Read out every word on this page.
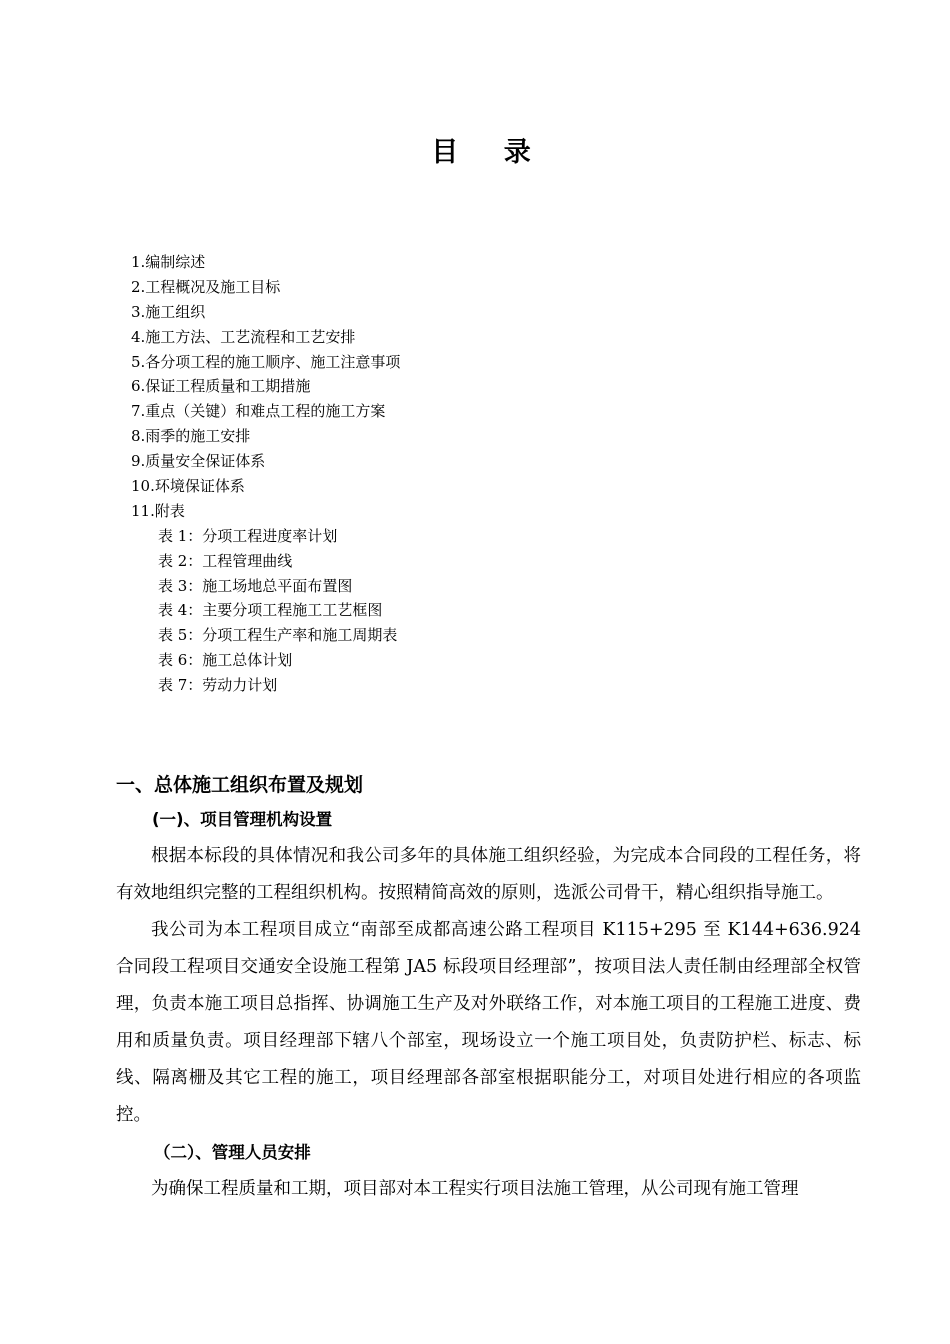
目 录
1.编制综述
2.工程概况及施工目标
3.施工组织
4.施工方法、工艺流程和工艺安排
5.各分项工程的施工顺序、施工注意事项
6.保证工程质量和工期措施
7.重点（关键）和难点工程的施工方案
8.雨季的施工安排
9.质量安全保证体系
10.环境保证体系
11.附表
表 1：分项工程进度率计划
表 2：工程管理曲线
表 3：施工场地总平面布置图
表 4：主要分项工程施工工艺框图
表 5：分项工程生产率和施工周期表
表 6：施工总体计划
表 7：劳动力计划
一、总体施工组织布置及规划
(一)、项目管理机构设置

根据本标段的具体情况和我公司多年的具体施工组织经验，为完成本合同段的工程任务，将有效地组织完整的工程组织机构。按照精简高效的原则，选派公司骨干，精心组织指导施工。

我公司为本工程项目成立“南部至成都高速公路工程项目 K115+295 至 K144+636.924 合同段工程项目交通安全设施工程第 JA5 标段项目经理部”，按项目法人责任制由经理部全权管理，负责本施工项目总指挥、协调施工生产及对外联络工作，对本施工项目的工程施工进度、费用和质量负责。项目经理部下辖八个部室，现场设立一个施工项目处，负责防护栏、标志、标线、隔离栅及其它工程的施工，项目经理部各部室根据职能分工，对项目处进行相应的各项监控。

（二）、管理人员安排

为确保工程质量和工期，项目部对本工程实行项目法施工管理，从公司现有施工管理
